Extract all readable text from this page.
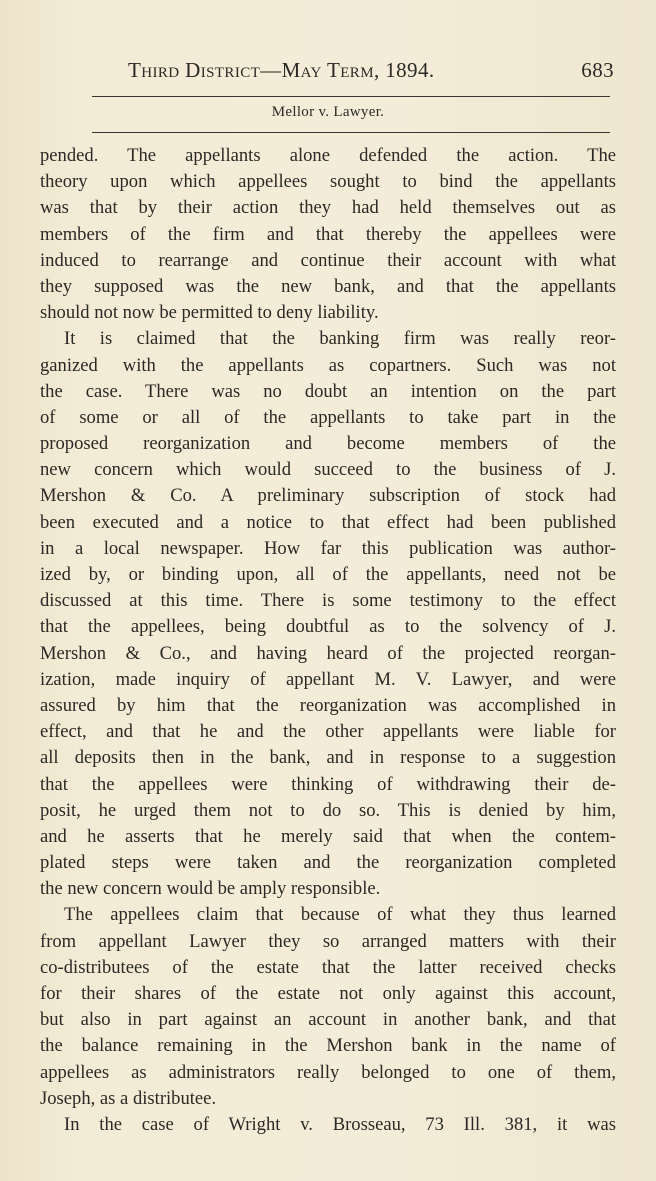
Third District—May Term, 1894.	683
Mellor v. Lawyer.
pended. The appellants alone defended the action. The
theory upon which appellees sought to bind the appellants
was that by their action they had held themselves out as
members of the firm and that thereby the appellees were
induced to rearrange and continue their account with what
they supposed was the new bank, and that the appellants
should not now be permitted to deny liability.
It is claimed that the banking firm was really reor-
ganized with the appellants as copartners. Such was not
the case. There was no doubt an intention on the part
of some or all of the appellants to take part in the
proposed reorganization and become members of the
new concern which would succeed to the business of J.
Mershon & Co. A preliminary subscription of stock had
been executed and a notice to that effect had been published
in a local newspaper. How far this publication was author-
ized by, or binding upon, all of the appellants, need not be
discussed at this time. There is some testimony to the effect
that the appellees, being doubtful as to the solvency of J.
Mershon & Co., and having heard of the projected reorgan-
ization, made inquiry of appellant M. V. Lawyer, and were
assured by him that the reorganization was accomplished in
effect, and that he and the other appellants were liable for
all deposits then in the bank, and in response to a suggestion
that the appellees were thinking of withdrawing their de-
posit, he urged them not to do so. This is denied by him,
and he asserts that he merely said that when the contem-
plated steps were taken and the reorganization completed
the new concern would be amply responsible.
The appellees claim that because of what they thus learned
from appellant Lawyer they so arranged matters with their
co-distributees of the estate that the latter received checks
for their shares of the estate not only against this account,
but also in part against an account in another bank, and that
the balance remaining in the Mershon bank in the name of
appellees as administrators really belonged to one of them,
Joseph, as a distributee.
In the case of Wright v. Brosseau, 73 Ill. 381, it was
